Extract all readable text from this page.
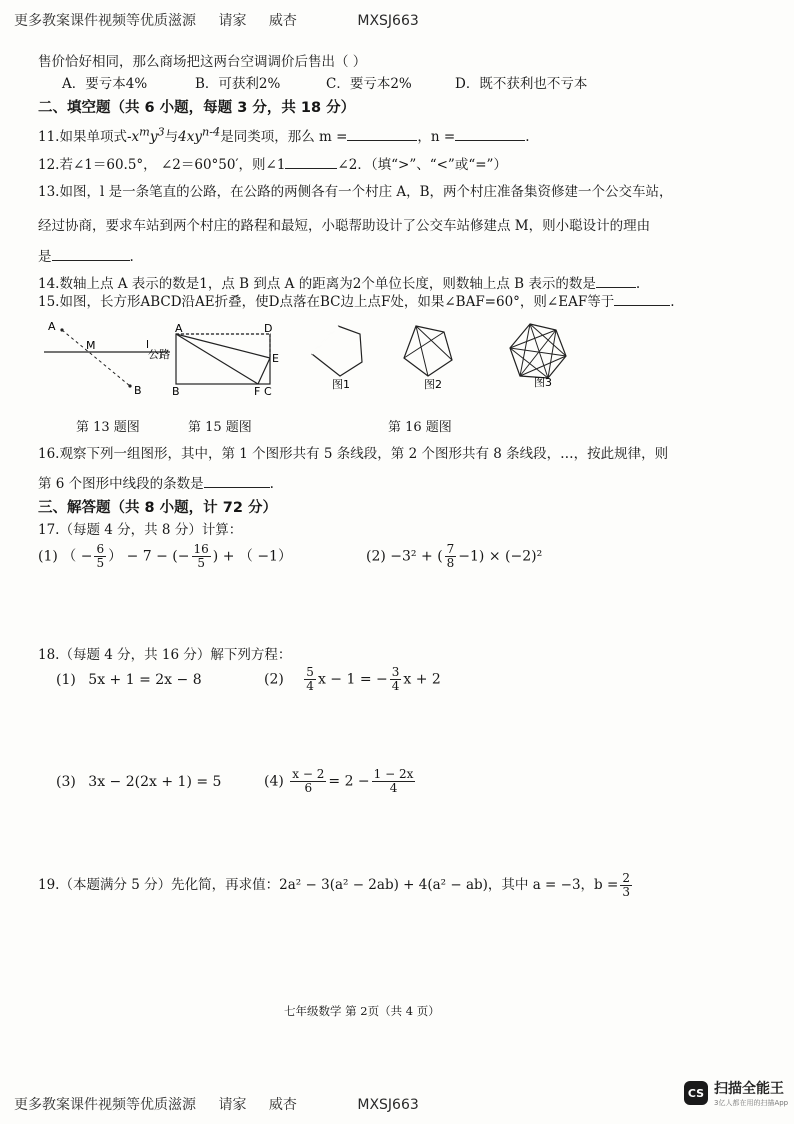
更多教案课件视频等优质滋源 请家 威杏	MXSJ663
售价恰好相同，那么商场把这两台空调调价后售出（ ）
A．要亏本4%	B．可获利2%	C．要亏本2%	D．既不获利也不亏本
二、填空题（共 6 小题，每题 3 分，共 18 分）
11.如果单项式$-x^my^3$与$4xy^{n-4}$是同类项，那么 m =	，n =	.
12.若∠1＝60.5°， ∠2＝60°50′，则∠1	∠2．（填“>”、“<”或“=”）
13.如图，l 是一条笔直的公路，在公路的两侧各有一个村庄 A，B，两个村庄准备集资修建一个公交车站，
经过协商，要求车站到两个村庄的路程和最短，小聪帮助设计了公交车站修建点 M，则小聪设计的理由
是	.
14.数轴上点 A 表示的数是1，点 B 到点 A 的距离为2个单位长度，则数轴上点 B 表示的数是	.
15.如图，长方形ABCD沿AE折叠，使D点落在BC边上点F处，如果∠BAF=60°，则∠EAF等于	.
A
B
M	l
公路
A	D
E
B	F C
图1	图2	图3
第 13 题图	第 15 题图	第 16 题图
16.观察下列一组图形，其中，第 1 个图形共有 5 条线段，第 2 个图形共有 8 条线段，…，按此规律，则
第 6 个图形中线段的条数是	.
三、解答题（共 8 小题，计 72 分）
17.（每题 4 分，共 8 分）计算：
(1) （ − $\frac{6}{5}$ ） − 7 − (− $\frac{16}{5}$ ) + （ −1）	(2) −3² + ( $\frac{7}{8} -1) \times (-2)^2$
18.（每题 4 分，共 16 分）解下列方程：
(1) 5x + 1 = 2x − 8	$(2) \frac{5}{4}$ x − 1 = − $\frac{3}{4}$ x + 2
(3) 3x − 2(2x + 1) = 5	$(4) \frac{x - 2}{6} = 2 - \frac{1 - 2x}{4}$
19.（本题满分 5 分）先化简，再求值：2a² − 3(a² − 2ab) + 4(a² − ab)，其中 a = −3，$b = \frac{2}{3}$
七年级数学 第 2页（共 4 页）
更多教案课件视频等优质滋源 请家 威杏	MXSJ663
CS 扫描全能王
3亿人都在用的扫描App
